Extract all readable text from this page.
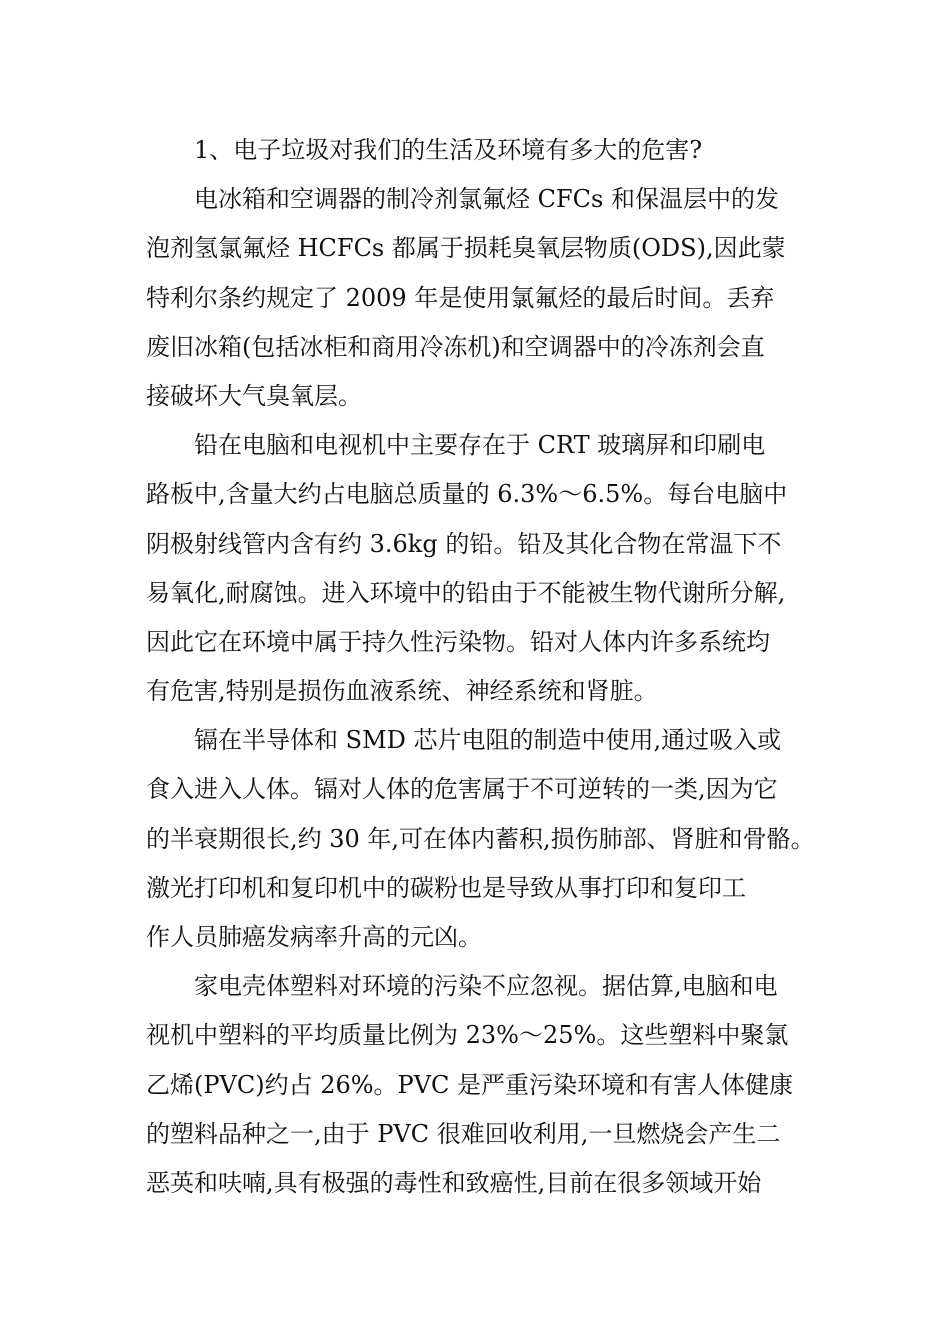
1、电子垃圾对我们的生活及环境有多大的危害?
电冰箱和空调器的制冷剂氯氟烃 CFCs 和保温层中的发
泡剂氢氯氟烃 HCFCs 都属于损耗臭氧层物质(ODS),因此蒙
特利尔条约规定了 2009 年是使用氯氟烃的最后时间。丢弃
废旧冰箱(包括冰柜和商用冷冻机)和空调器中的冷冻剂会直
接破坏大气臭氧层。
铅在电脑和电视机中主要存在于 CRT 玻璃屏和印刷电
路板中,含量大约占电脑总质量的 6.3%～6.5%。每台电脑中
阴极射线管内含有约 3.6kg 的铅。铅及其化合物在常温下不
易氧化,耐腐蚀。进入环境中的铅由于不能被生物代谢所分解,
因此它在环境中属于持久性污染物。铅对人体内许多系统均
有危害,特别是损伤血液系统、神经系统和肾脏。
镉在半导体和 SMD 芯片电阻的制造中使用,通过吸入或
食入进入人体。镉对人体的危害属于不可逆转的一类,因为它
的半衰期很长,约 30 年,可在体内蓄积,损伤肺部、肾脏和骨骼。
激光打印机和复印机中的碳粉也是导致从事打印和复印工
作人员肺癌发病率升高的元凶。
家电壳体塑料对环境的污染不应忽视。据估算,电脑和电
视机中塑料的平均质量比例为 23%～25%。这些塑料中聚氯
乙烯(PVC)约占 26%。PVC 是严重污染环境和有害人体健康
的塑料品种之一,由于 PVC 很难回收利用,一旦燃烧会产生二
恶英和呋喃,具有极强的毒性和致癌性,目前在很多领域开始
